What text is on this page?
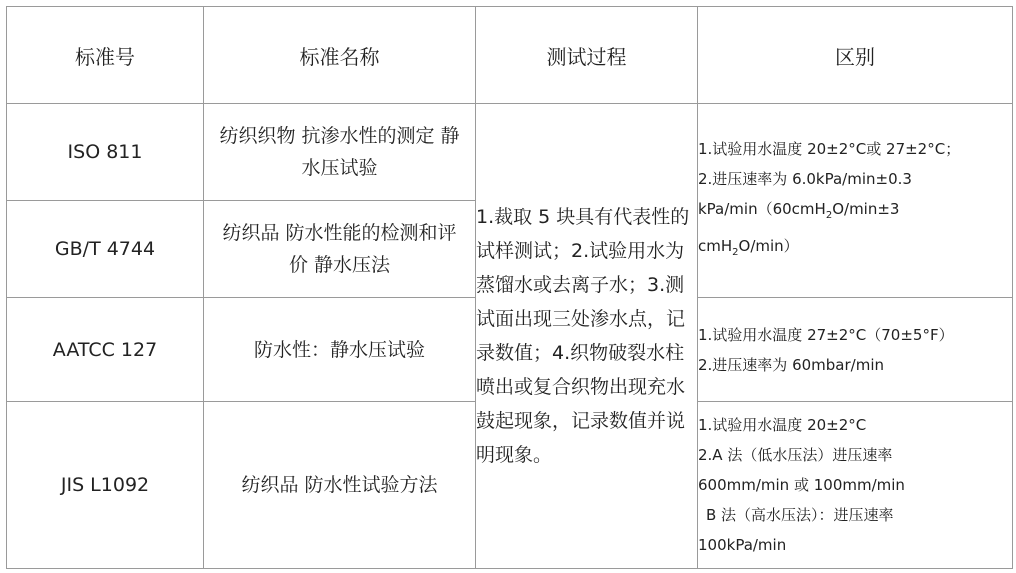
标准号	标准名称	测试过程	区别
ISO 811	纺织织物 抗渗水性的测定 静水压试验	1.裁取 5 块具有代表性的试样测试；2.试验用水为蒸馏水或去离子水；3.测试面出现三处渗水点，记录数值；4.织物破裂水柱喷出或复合织物出现充水鼓起现象，记录数值并说明现象。	1.试验用水温度 20±2°C或 27±2°C；
2.进压速率为 6.0kPa/min±0.3
kPa/min（60cmH$_2$O/min±3
cmH$_2$O/min）

GB/T 4744	纺织品 防水性能的检测和评价 静水压法		
AATCC 127	防水性：静水压试验		1.试验用水温度 27±2°C（70±5°F）
2.进压速率为 60mbar/min

JIS L1092	纺织品 防水性试验方法		1.试验用水温度 20±2°C
2.A 法（低水压法）进压速率
600mm/min 或 100mm/min
B 法（高水压法）：进压速率
100kPa/min
